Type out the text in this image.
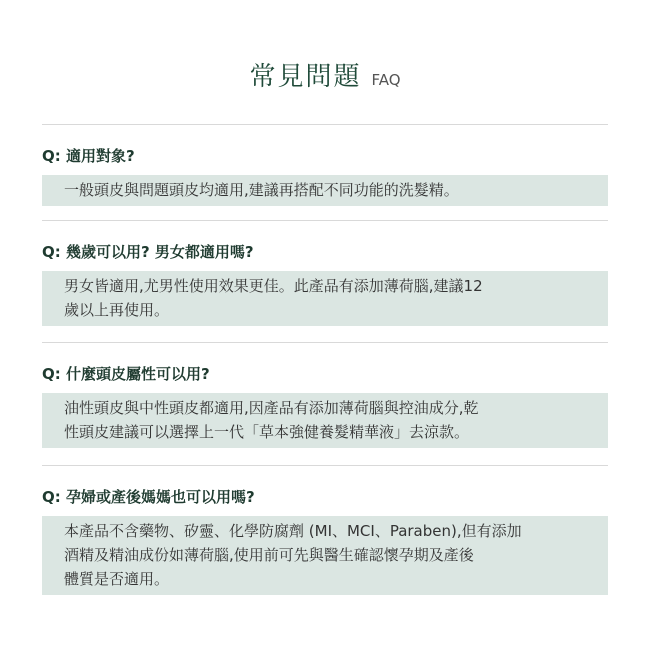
常見問題 FAQ
Q: 適用對象?
一般頭皮與問題頭皮均適用,建議再搭配不同功能的洗髮精。
Q: 幾歲可以用? 男女都適用嗎?
男女皆適用,尤男性使用效果更佳。此產品有添加薄荷腦,建議12
歲以上再使用。
Q: 什麼頭皮屬性可以用?
油性頭皮與中性頭皮都適用,因產品有添加薄荷腦與控油成分,乾
性頭皮建議可以選擇上一代「草本強健養髮精華液」去涼款。
Q: 孕婦或產後媽媽也可以用嗎?
本產品不含藥物、矽靈、化學防腐劑 (MI、MCI、Paraben),但有添加
酒精及精油成份如薄荷腦,使用前可先與醫生確認懷孕期及產後
體質是否適用。
